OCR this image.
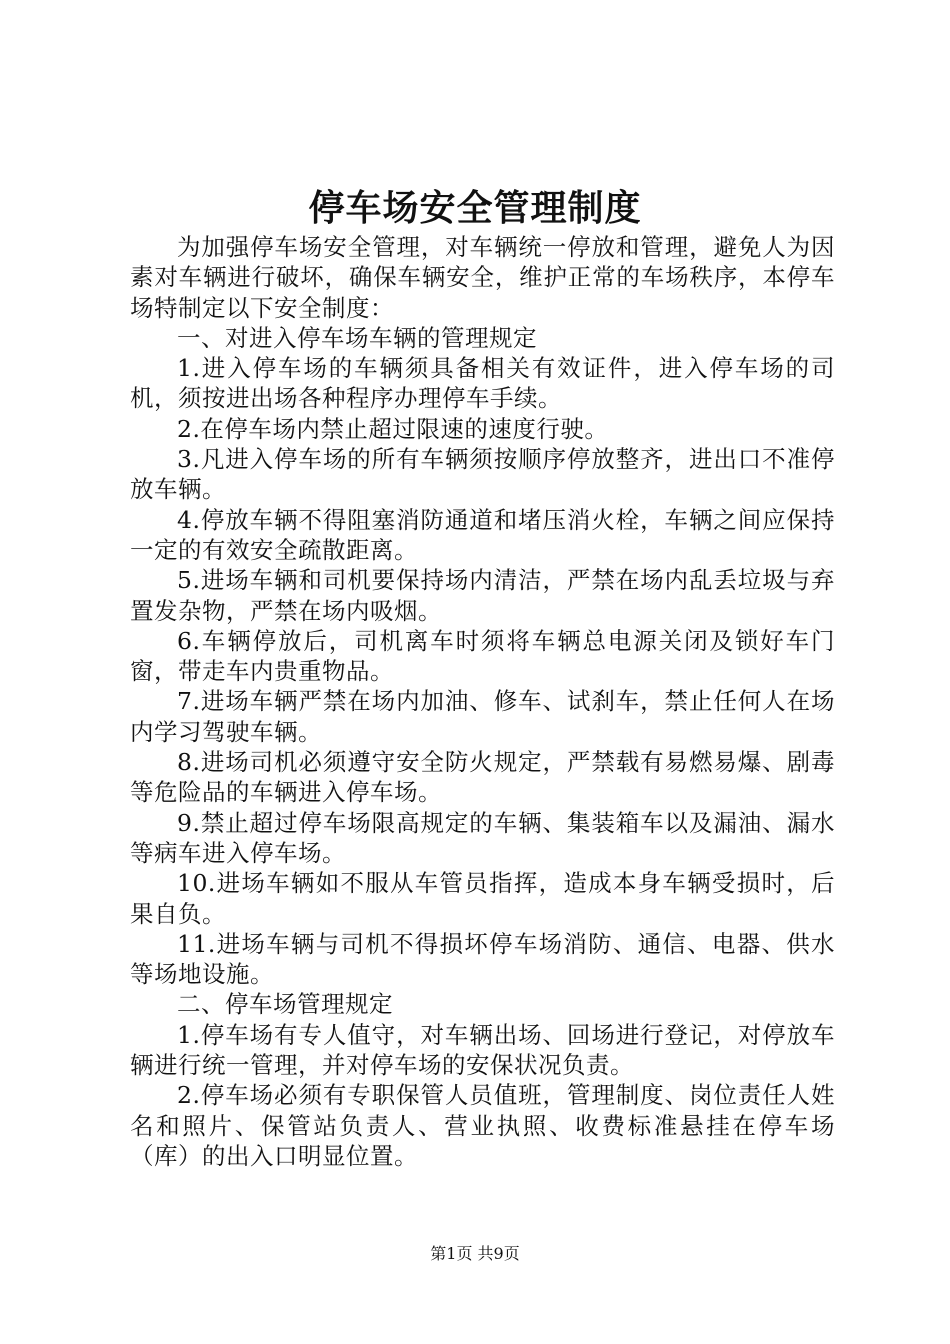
停车场安全管理制度

为加强停车场安全管理，对车辆统一停放和管理，避免人为因素对车辆进行破坏，确保车辆安全，维护正常的车场秩序，本停车场特制定以下安全制度：

一、对进入停车场车辆的管理规定

1.进入停车场的车辆须具备相关有效证件，进入停车场的司机，须按进出场各种程序办理停车手续。

2.在停车场内禁止超过限速的速度行驶。

3.凡进入停车场的所有车辆须按顺序停放整齐，进出口不准停放车辆。

4.停放车辆不得阻塞消防通道和堵压消火栓，车辆之间应保持一定的有效安全疏散距离。

5.进场车辆和司机要保持场内清洁，严禁在场内乱丢垃圾与弃置发杂物，严禁在场内吸烟。

6.车辆停放后，司机离车时须将车辆总电源关闭及锁好车门窗，带走车内贵重物品。

7.进场车辆严禁在场内加油、修车、试刹车，禁止任何人在场内学习驾驶车辆。

8.进场司机必须遵守安全防火规定，严禁载有易燃易爆、剧毒等危险品的车辆进入停车场。

9.禁止超过停车场限高规定的车辆、集装箱车以及漏油、漏水等病车进入停车场。

10.进场车辆如不服从车管员指挥，造成本身车辆受损时，后果自负。

11.进场车辆与司机不得损坏停车场消防、通信、电器、供水等场地设施。

二、停车场管理规定

1.停车场有专人值守，对车辆出场、回场进行登记，对停放车辆进行统一管理，并对停车场的安保状况负责。

2.停车场必须有专职保管人员值班，管理制度、岗位责任人姓名和照片、保管站负责人、营业执照、收费标准悬挂在停车场（库）的出入口明显位置。

第1页 共9页
